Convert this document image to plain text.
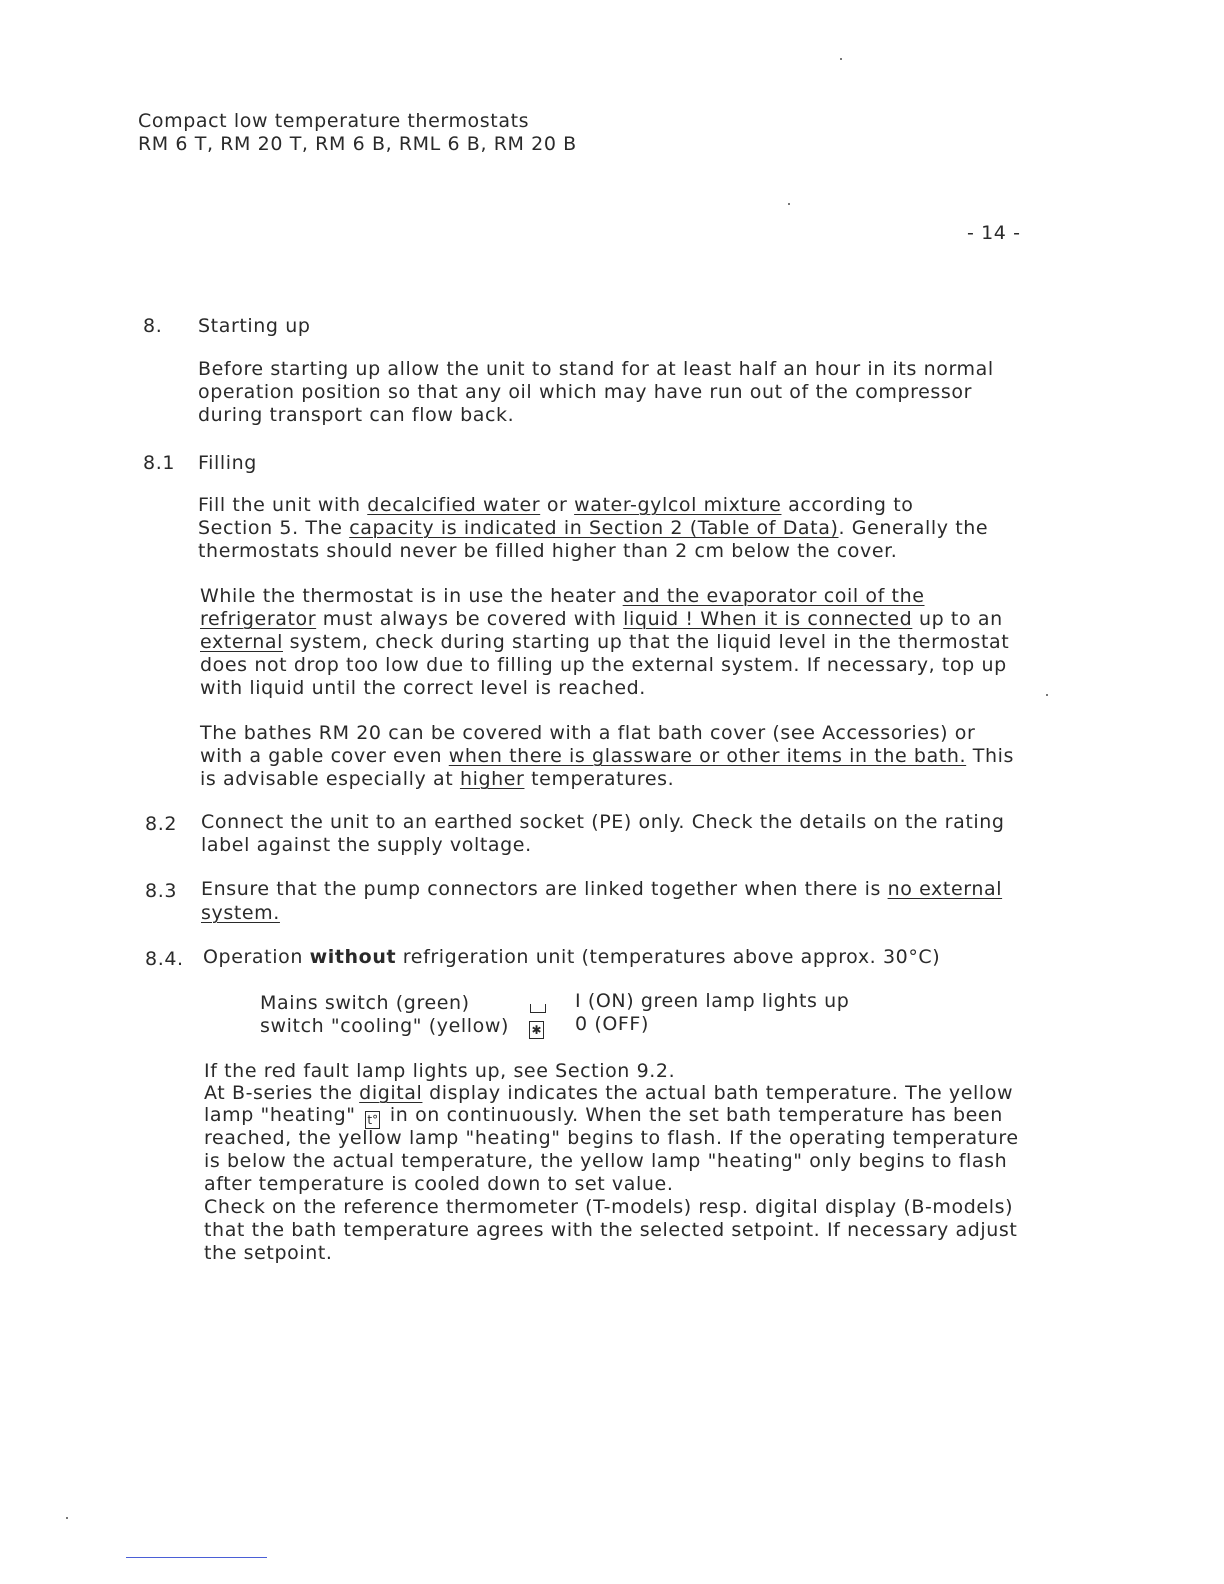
Compact low temperature thermostats
RM 6 T, RM 20 T, RM 6 B, RML 6 B, RM 20 B
- 14 -
8. Starting up
Before starting up allow the unit to stand for at least half an hour in its normal
operation position so that any oil which may have run out of the compressor
during transport can flow back.
8.1 Filling
Fill the unit with decalcified water or water-gylcol mixture according to
Section 5. The capacity is indicated in Section 2 (Table of Data). Generally the
thermostats should never be filled higher than 2 cm below the cover.
While the thermostat is in use the heater and the evaporator coil of the
refrigerator must always be covered with liquid ! When it is connected up to an
external system, check during starting up that the liquid level in the thermostat
does not drop too low due to filling up the external system. If necessary, top up
with liquid until the correct level is reached.
The bathes RM 20 can be covered with a flat bath cover (see Accessories) or
with a gable cover even when there is glassware or other items in the bath. This
is advisable especially at higher temperatures.
8.2 Connect the unit to an earthed socket (PE) only. Check the details on the rating
label against the supply voltage.
8.3 Ensure that the pump connectors are linked together when there is no external
system.
8.4. Operation without refrigeration unit (temperatures above approx. 30°C)
Mains switch (green)	I (ON) green lamp lights up
switch "cooling" (yellow)	✱ 0 (OFF)
If the red fault lamp lights up, see Section 9.2.
At B-series the digital display indicates the actual bath temperature. The yellow
lamp "heating" t° in on continuously. When the set bath temperature has been
reached, the yellow lamp "heating" begins to flash. If the operating temperature
is below the actual temperature, the yellow lamp "heating" only begins to flash
after temperature is cooled down to set value.
Check on the reference thermometer (T-models) resp. digital display (B-models)
that the bath temperature agrees with the selected setpoint. If necessary adjust
the setpoint.
